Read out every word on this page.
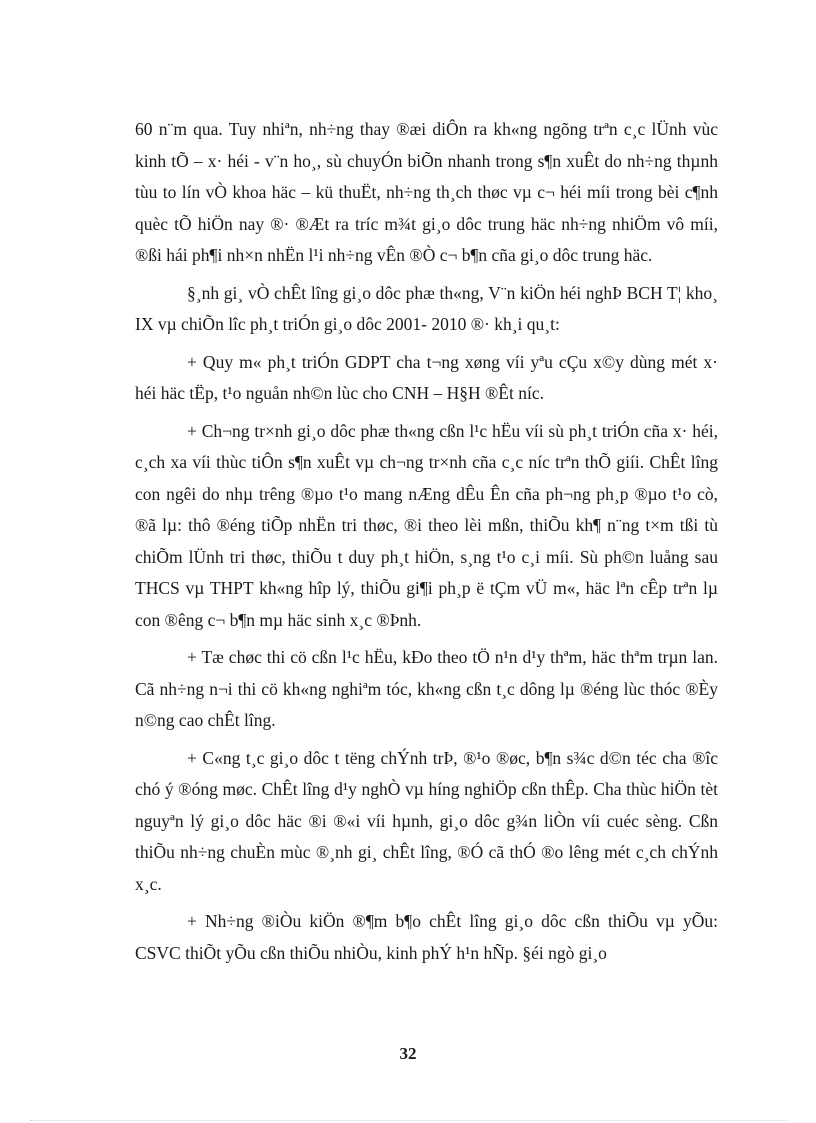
60 n¨m qua. Tuy nhiªn, nh÷ng thay ®æi diÔn ra kh«ng ngõng trªn c¸c lÜnh vùc kinh tÕ – x· héi - v¨n ho¸, sù chuyÓn biÕn nhanh trong s¶n xuÊt do nh÷ng thµnh tùu to lín vÒ khoa häc – kü thuËt, nh÷ng th¸ch thøc vµ c¬ héi míi trong bèi c¶nh quèc tÕ hiÖn nay ®· ®Æt ra tríc m¾t gi¸o dôc trung häc nh÷ng nhiÖm vô míi, ®ßi hái ph¶i nh×n nhËn l¹i nh÷ng vÊn ®Ò c¬ b¶n cña gi¸o dôc trung häc.

§¸nh gi¸ vÒ chÊt lîng gi¸o dôc phæ th«ng, V¨n kiÖn héi nghÞ BCH T¦ kho¸ IX vµ chiÕn lîc ph¸t triÓn gi¸o dôc 2001- 2010 ®· kh¸i qu¸t:

+ Quy m« ph¸t triÓn GDPT cha t¬ng xøng víi yªu cÇu x©y dùng mét x· héi häc tËp, t¹o nguån nh©n lùc cho CNH – H§H ®Êt níc.

+ Ch¬ng tr×nh gi¸o dôc phæ th«ng cßn l¹c hËu víi sù ph¸t triÓn cña x· héi, c¸ch xa víi thùc tiÔn s¶n xuÊt vµ ch¬ng tr×nh cña c¸c níc trªn thÕ giíi. ChÊt lîng con ngêi do nhµ trêng ®µo t¹o mang nÆng dÊu Ên cña ph¬ng ph¸p ®µo t¹o cò, ®ã lµ: thô ®éng tiÕp nhËn tri thøc, ®i theo lèi mßn, thiÕu kh¶ n¨ng t×m tßi tù chiÕm lÜnh tri thøc, thiÕu t duy ph¸t hiÖn, s¸ng t¹o c¸i míi. Sù ph©n luång sau THCS vµ THPT kh«ng hîp lý, thiÕu gi¶i ph¸p ë tÇm vÜ m«, häc lªn cÊp trªn lµ con ®êng c¬ b¶n mµ häc sinh x¸c ®Þnh.

+ Tæ chøc thi cö cßn l¹c hËu, kÐo theo tÖ n¹n d¹y thªm, häc thªm trµn lan. Cã nh÷ng n¬i thi cö kh«ng nghiªm tóc, kh«ng cßn t¸c dông lµ ®éng lùc thóc ®Èy n©ng cao chÊt lîng.

+ C«ng t¸c gi¸o dôc t tëng chÝnh trÞ, ®¹o ®øc, b¶n s¾c d©n téc cha ®îc chó ý ®óng møc. ChÊt lîng d¹y nghÒ vµ híng nghiÖp cßn thÊp. Cha thùc hiÖn tèt nguyªn lý gi¸o dôc häc ®i ®«i víi hµnh, gi¸o dôc g¾n liÒn víi cuéc sèng. Cßn thiÕu nh÷ng chuÈn mùc ®¸nh gi¸ chÊt lîng, ®Ó cã thÓ ®o lêng mét c¸ch chÝnh x¸c.

+ Nh÷ng ®iÒu kiÖn ®¶m b¶o chÊt lîng gi¸o dôc cßn thiÕu vµ yÕu: CSVC thiÕt yÕu cßn thiÕu nhiÒu, kinh phÝ h¹n hÑp. §éi ngò gi¸o

32
